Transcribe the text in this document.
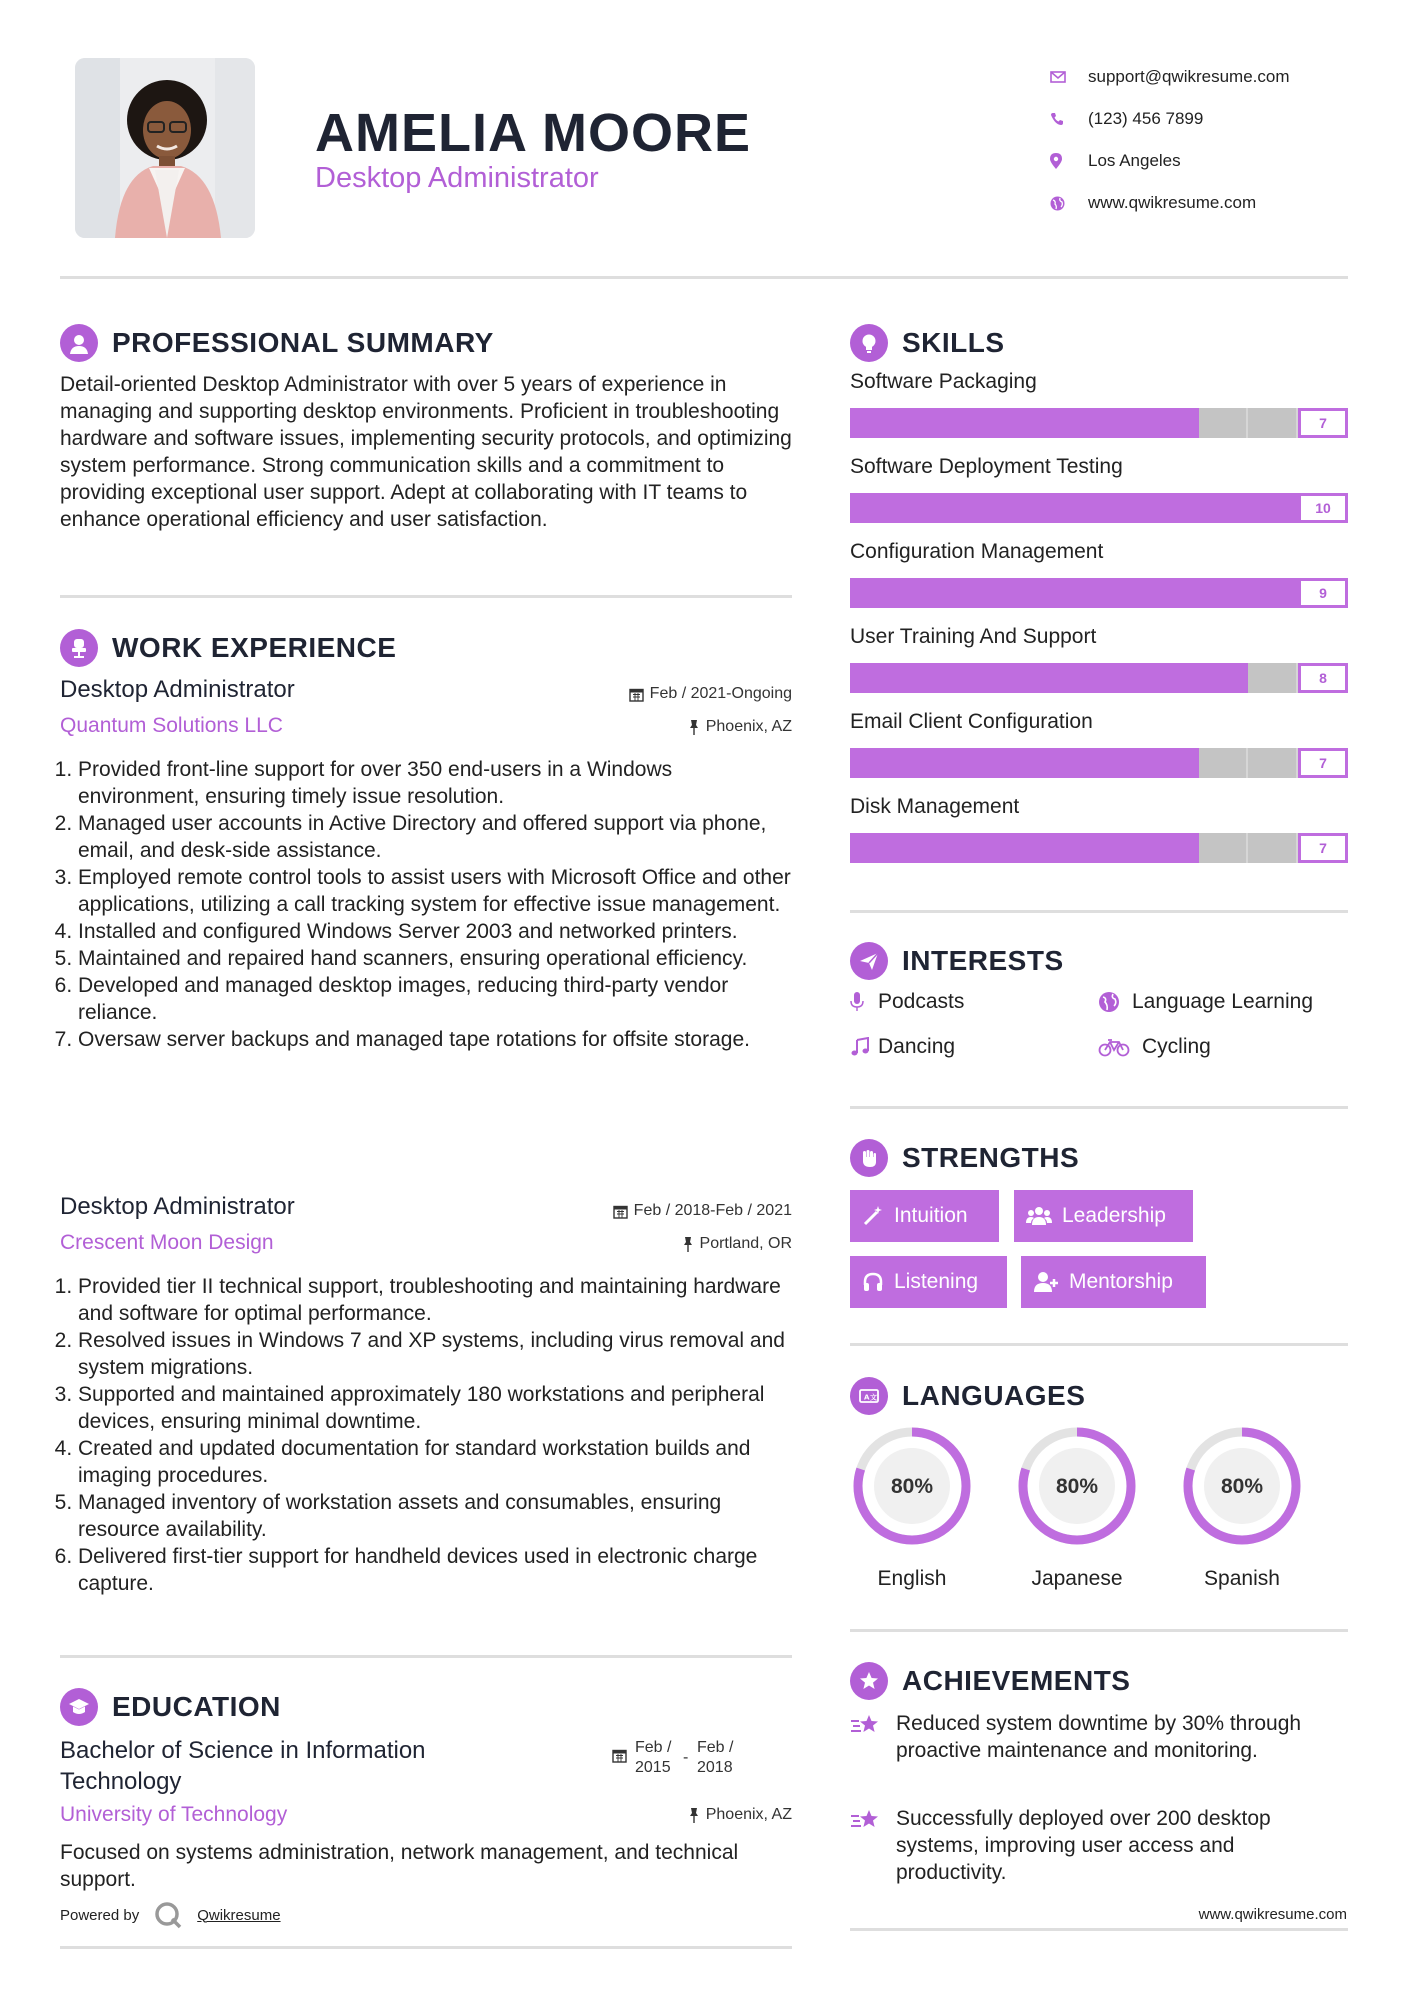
AMELIA MOORE
Desktop Administrator
support@qwikresume.com
(123) 456 7899
Los Angeles
www.qwikresume.com
PROFESSIONAL SUMMARY
Detail-oriented Desktop Administrator with over 5 years of experience in managing and supporting desktop environments. Proficient in troubleshooting hardware and software issues, implementing security protocols, and optimizing system performance. Strong communication skills and a commitment to providing exceptional user support. Adept at collaborating with IT teams to enhance operational efficiency and user satisfaction.
WORK EXPERIENCE
Desktop Administrator	Feb / 2021-Ongoing
Quantum Solutions LLC	Phoenix, AZ
1. Provided front-line support for over 350 end-users in a Windows environment, ensuring timely issue resolution.
2. Managed user accounts in Active Directory and offered support via phone, email, and desk-side assistance.
3. Employed remote control tools to assist users with Microsoft Office and other applications, utilizing a call tracking system for effective issue management.
4. Installed and configured Windows Server 2003 and networked printers.
5. Maintained and repaired hand scanners, ensuring operational efficiency.
6. Developed and managed desktop images, reducing third-party vendor reliance.
7. Oversaw server backups and managed tape rotations for offsite storage.
Desktop Administrator	Feb / 2018-Feb / 2021
Crescent Moon Design	Portland, OR
1. Provided tier II technical support, troubleshooting and maintaining hardware and software for optimal performance.
2. Resolved issues in Windows 7 and XP systems, including virus removal and system migrations.
3. Supported and maintained approximately 180 workstations and peripheral devices, ensuring minimal downtime.
4. Created and updated documentation for standard workstation builds and imaging procedures.
5. Managed inventory of workstation assets and consumables, ensuring resource availability.
6. Delivered first-tier support for handheld devices used in electronic charge capture.
EDUCATION
Bachelor of Science in Information Technology
Feb / 2015
-
Feb / 2018
University of Technology	Phoenix, AZ
Focused on systems administration, network management, and technical support.
Powered by	Qwikresume
SKILLS
Software Packaging
7
Software Deployment Testing
10
Configuration Management
9
User Training And Support
8
Email Client Configuration
7
Disk Management
7
INTERESTS
Podcasts	Language Learning
Dancing	Cycling
STRENGTHS
Intuition	Leadership
Listening	Mentorship
A 文 LANGUAGES
80%
English
80%
Japanese
80%
Spanish
ACHIEVEMENTS
Reduced system downtime by 30% through proactive maintenance and monitoring.
Successfully deployed over 200 desktop systems, improving user access and productivity.
www.qwikresume.com
